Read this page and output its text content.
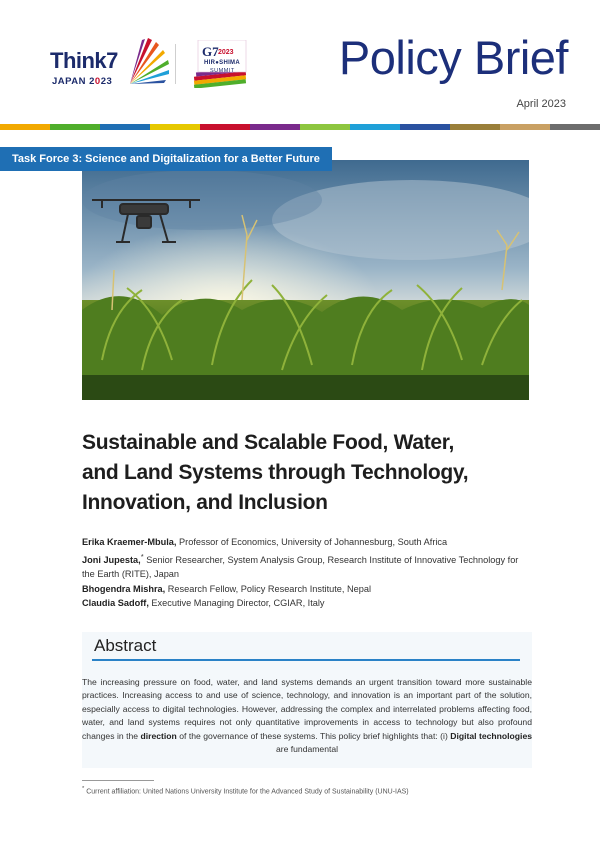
Think7
JAPAN 2023
G7 2023
HIR●SHIMA
SUMMIT Policy Brief
April 2023
Task Force 3: Science and Digitalization for a Better Future
Sustainable and Scalable Food, Water,
and Land Systems through Technology,
Innovation, and Inclusion
Erika Kraemer-Mbula, Professor of Economics, University of Johannesburg, South Africa
Joni Jupesta,* Senior Researcher, System Analysis Group, Research Institute of Innovative Technology for the Earth (RITE), Japan
Bhogendra Mishra, Research Fellow, Policy Research Institute, Nepal
Claudia Sadoff, Executive Managing Director, CGIAR, Italy
Abstract
The increasing pressure on food, water, and land systems demands an urgent transition toward more sustainable practices. Increasing access to and use of science, technology, and innovation is an important part of the solution, especially access to digital technologies. However, addressing the complex and interrelated problems affecting food, water, and land systems requires not only quantitative improvements in access to technology but also profound changes in the direction of the governance of these systems. This policy brief highlights that: (i) Digital technologies are fundamental
* Current affiliation: United Nations University Institute for the Advanced Study of Sustainability (UNU-IAS)
